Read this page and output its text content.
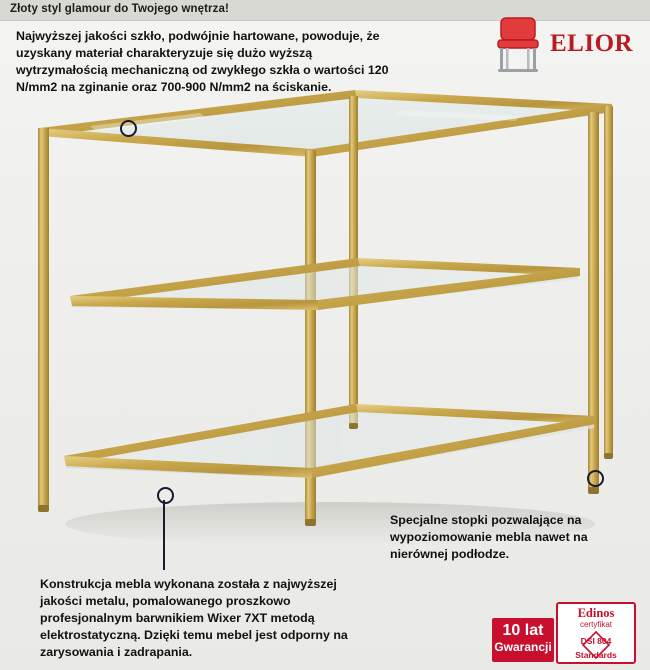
Złoty styl glamour do Twojego wnętrza!
ELIOR
Najwyższej jakości szkło, podwójnie hartowane, powoduje, że uzyskany materiał charakteryzuje się dużo wyższą wytrzymałością mechaniczną od zwykłego szkła o wartości 120 N/mm2 na zginanie oraz 700-900 N/mm2 na ściskanie.
Konstrukcja mebla wykonana została z najwyższej jakości metalu, pomalowanego proszkowo profesjonalnym barwnikiem Wixer 7XT metodą elektrostatyczną. Dzięki temu mebel jest odporny na zarysowania i zadrapania.
Specjalne stopki pozwalające na wypoziomowanie mebla nawet na nierównej podłodze.
10 lat
Gwarancji
Edinos
certyfikat
DSI 804
Standards
